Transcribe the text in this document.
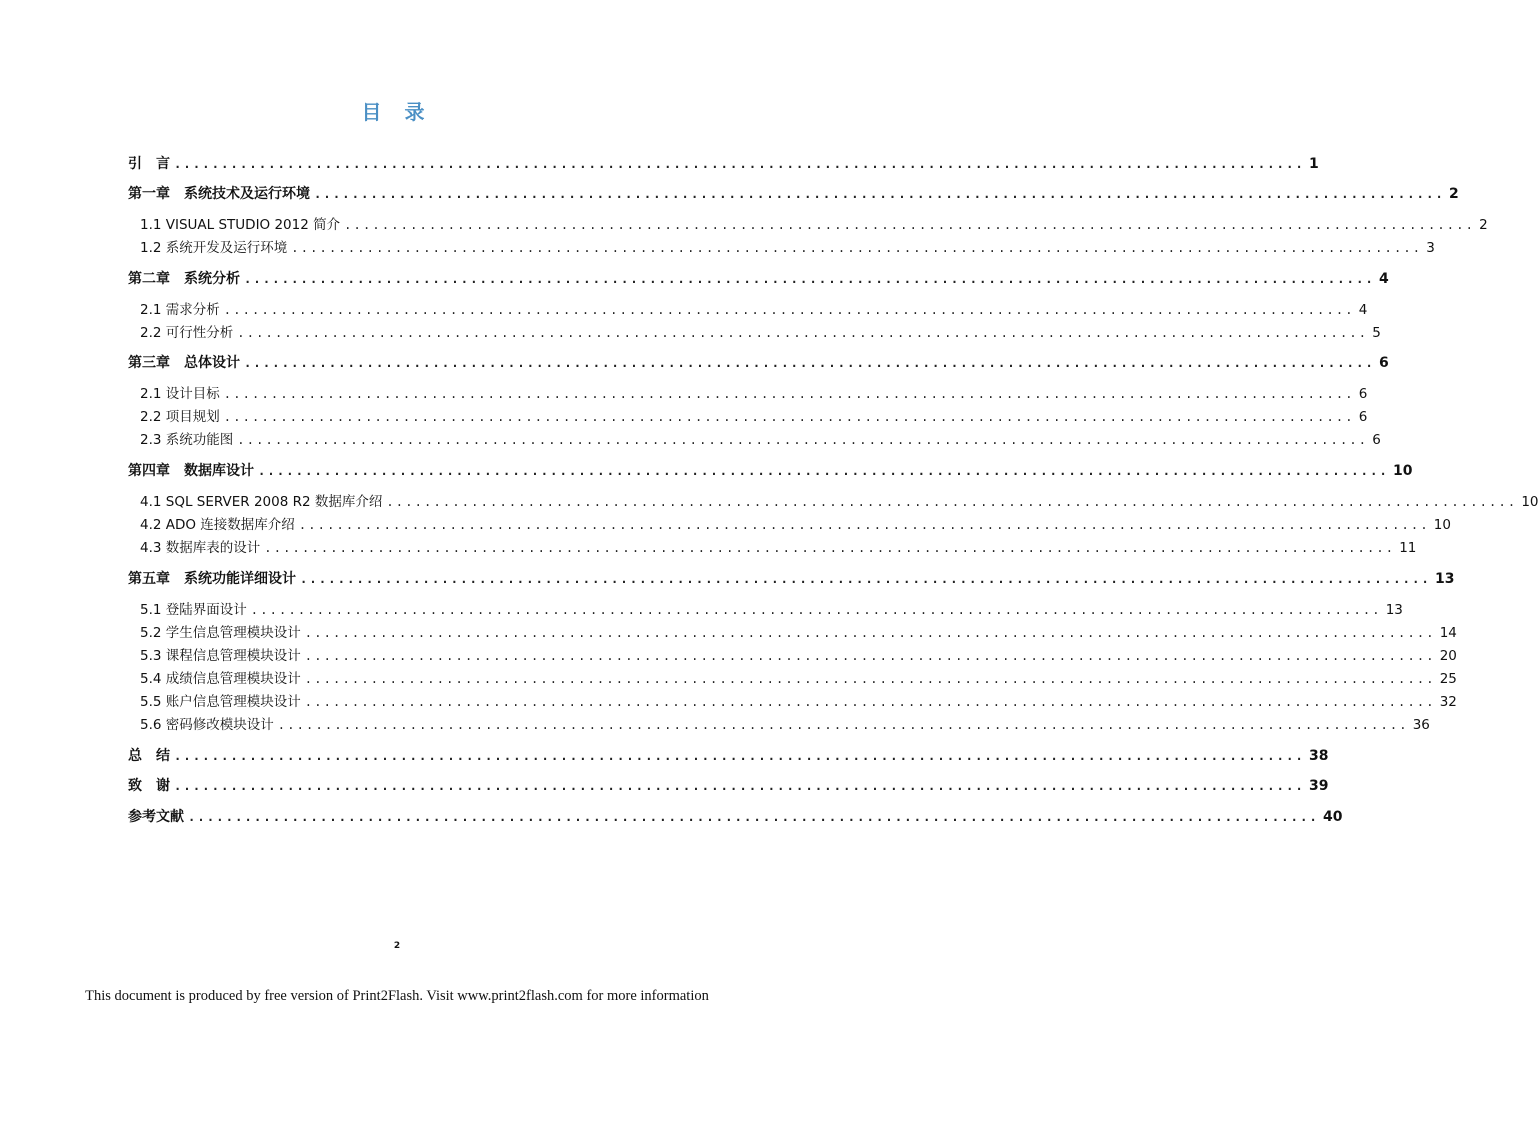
目 录
引　言 ........................................................................................................................ 1
第一章　系统技术及运行环境 ........................................................................................................................ 2
1.1 VISUAL STUDIO 2012 简介 ........................................................................................................................ 2
1.2 系统开发及运行环境 ........................................................................................................................ 3
第二章　系统分析 ........................................................................................................................ 4
2.1 需求分析 ........................................................................................................................ 4
2.2 可行性分析 ........................................................................................................................ 5
第三章　总体设计 ........................................................................................................................ 6
2.1 设计目标 ........................................................................................................................ 6
2.2 项目规划 ........................................................................................................................ 6
2.3 系统功能图 ........................................................................................................................ 6
第四章　数据库设计 ........................................................................................................................ 10
4.1 SQL SERVER 2008 R2 数据库介绍 ........................................................................................................................ 10
4.2 ADO 连接数据库介绍 ........................................................................................................................ 10
4.3 数据库表的设计 ........................................................................................................................ 11
第五章　系统功能详细设计 ........................................................................................................................ 13
5.1 登陆界面设计 ........................................................................................................................ 13
5.2 学生信息管理模块设计 ........................................................................................................................ 14
5.3 课程信息管理模块设计 ........................................................................................................................ 20
5.4 成绩信息管理模块设计 ........................................................................................................................ 25
5.5 账户信息管理模块设计 ........................................................................................................................ 32
5.6 密码修改模块设计 ........................................................................................................................ 36
总　结 ........................................................................................................................ 38
致　谢 ........................................................................................................................ 39
参考文献 ........................................................................................................................ 40
2
This document is produced by free version of Print2Flash. Visit www.print2flash.com for more information
